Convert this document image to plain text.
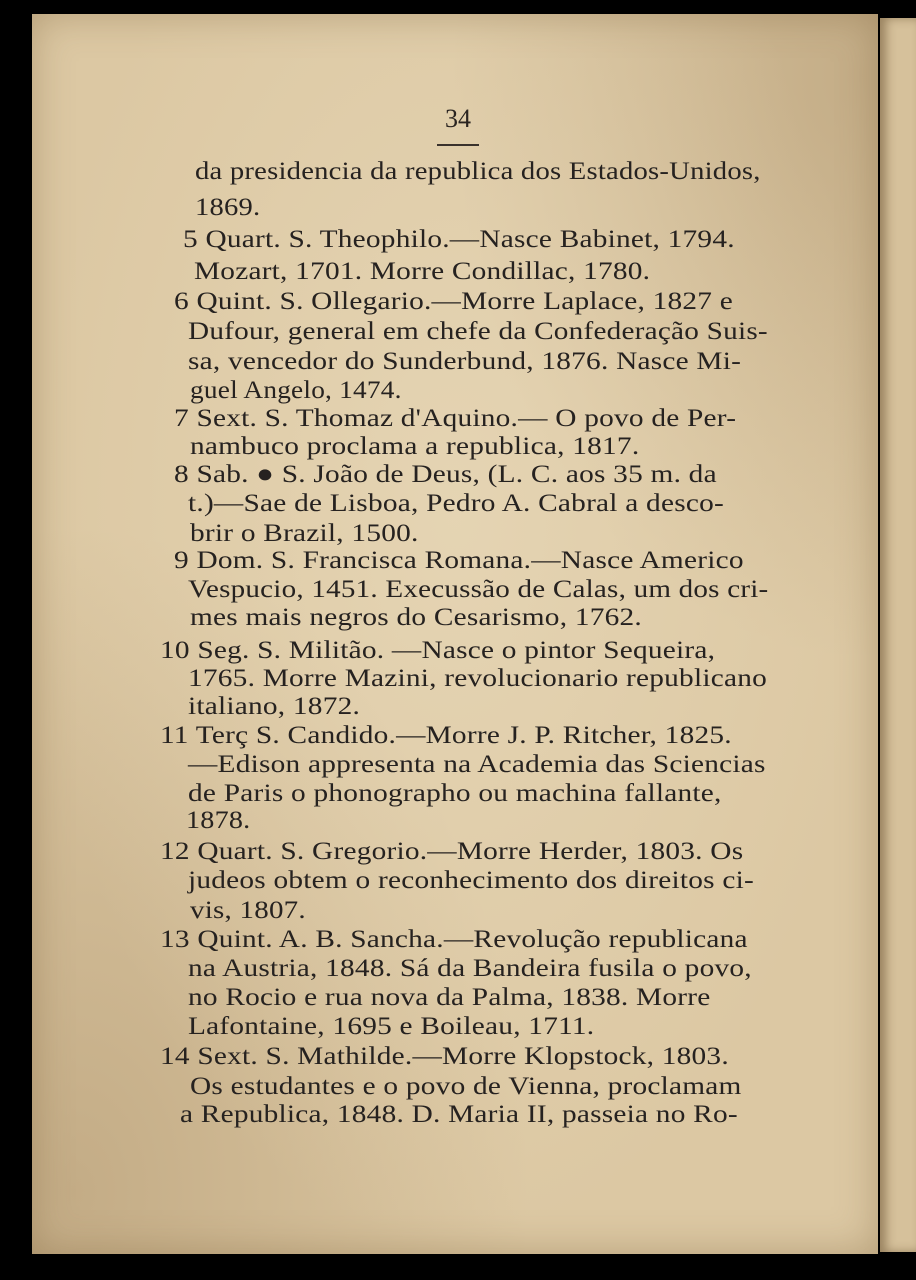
34
da presidencia da republica dos Estados-Unidos,
1869.
5 Quart. S. Theophilo.—Nasce Babinet, 1794.
Mozart, 1701. Morre Condillac, 1780.
6 Quint. S. Ollegario.—Morre Laplace, 1827 e
Dufour, general em chefe da Confederação Suis-
sa, vencedor do Sunderbund, 1876. Nasce Mi-
guel Angelo, 1474.
7 Sext. S. Thomaz d'Aquino.— O povo de Per-
nambuco proclama a republica, 1817.
8 Sab. ● S. João de Deus, (L. C. aos 35 m. da
t.)—Sae de Lisboa, Pedro A. Cabral a desco-
brir o Brazil, 1500.
9 Dom. S. Francisca Romana.—Nasce Americo
Vespucio, 1451. Execussão de Calas, um dos cri-
mes mais negros do Cesarismo, 1762.
10 Seg. S. Militão. —Nasce o pintor Sequeira,
1765. Morre Mazini, revolucionario republicano
italiano, 1872.
11 Terç S. Candido.—Morre J. P. Ritcher, 1825.
—Edison appresenta na Academia das Sciencias
de Paris o phonographo ou machina fallante,
1878.
12 Quart. S. Gregorio.—Morre Herder, 1803. Os
judeos obtem o reconhecimento dos direitos ci-
vis, 1807.
13 Quint. A. B. Sancha.—Revolução republicana
na Austria, 1848. Sá da Bandeira fusila o povo,
no Rocio e rua nova da Palma, 1838. Morre
Lafontaine, 1695 e Boileau, 1711.
14 Sext. S. Mathilde.—Morre Klopstock, 1803.
Os estudantes e o povo de Vienna, proclamam
a Republica, 1848. D. Maria II, passeia no Ro-
